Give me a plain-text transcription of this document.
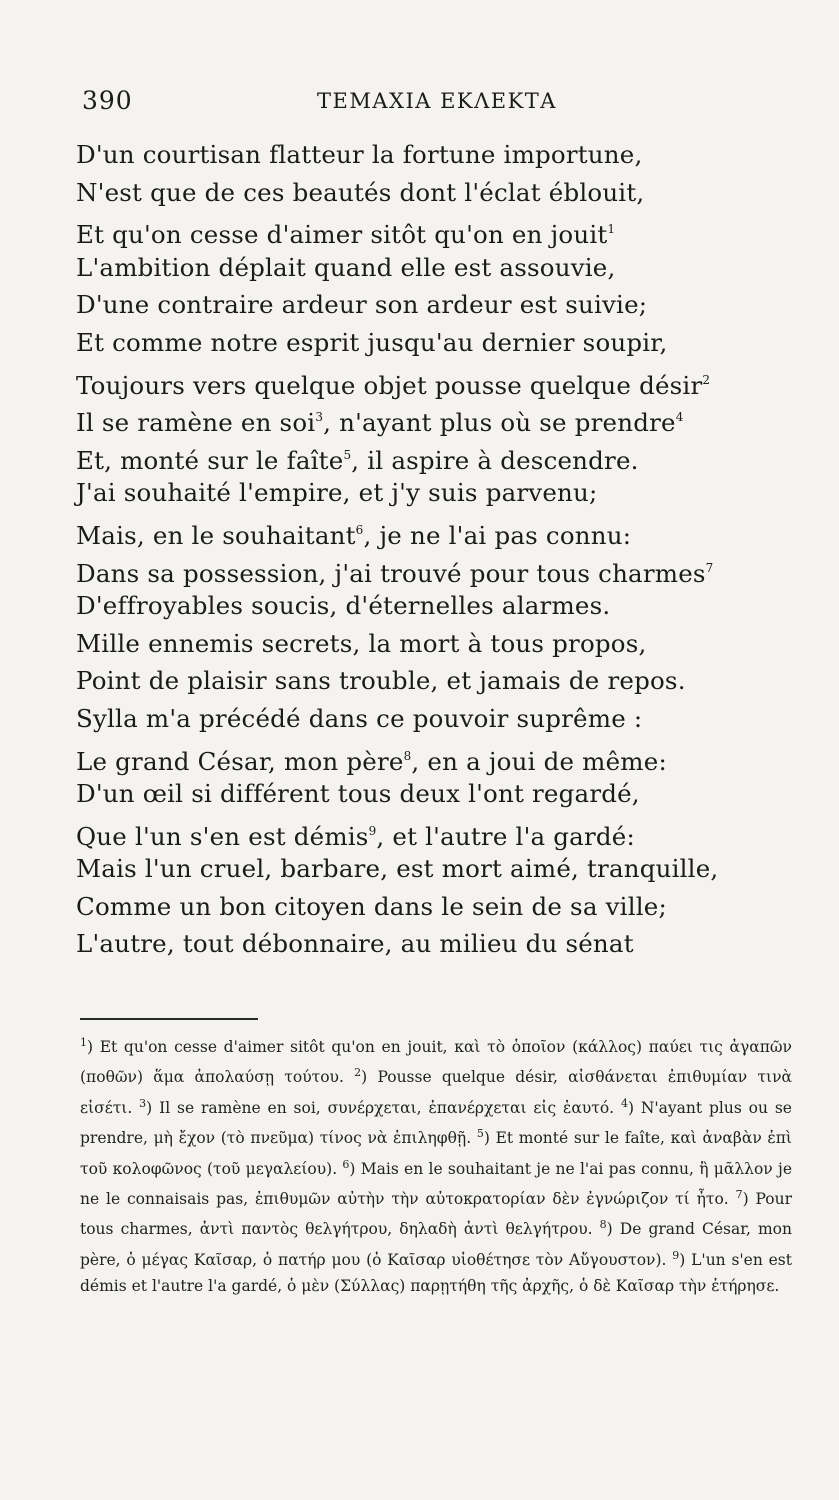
390	ΤΕΜΑΧΙΑ ΕΚΛΕΚΤΑ
D'un courtisan flatteur la fortune importune,
N'est que de ces beautés dont l'éclat éblouit,
Et qu'on cesse d'aimer sitôt qu'on en jouit$^1$
L'ambition déplait quand elle est assouvie,
D'une contraire ardeur son ardeur est suivie;
Et comme notre esprit jusqu'au dernier soupir,
Toujours vers quelque objet pousse quelque désir$^2$
Il se ramène en soi$^3$, n'ayant plus où se prendre$^4$
Et, monté sur le faîte$^5$, il aspire à descendre.
J'ai souhaité l'empire, et j'y suis parvenu;
Mais, en le souhaitant$^6$, je ne l'ai pas connu:
Dans sa possession, j'ai trouvé pour tous charmes$^7$
D'effroyables soucis, d'éternelles alarmes.
Mille ennemis secrets, la mort à tous propos,
Point de plaisir sans trouble, et jamais de repos.
Sylla m'a précédé dans ce pouvoir suprême :
Le grand César, mon père$^8$, en a joui de même:
D'un œil si différent tous deux l'ont regardé,
Que l'un s'en est démis$^9$, et l'autre l'a gardé:
Mais l'un cruel, barbare, est mort aimé, tranquille,
Comme un bon citoyen dans le sein de sa ville;
L'autre, tout débonnaire, au milieu du sénat

$^1$) Et qu'on cesse d'aimer sitôt qu'on en jouit, καὶ τὸ ὁποῖον (κάλλος) παύει τις ἀγαπῶν (ποθῶν) ἅμα ἀπολαύσῃ τούτου. $^2$) Pousse quelque désir, αἰσθάνεται ἐπιθυμίαν τινὰ εἰσέτι. $^3$) Il se ramène en soi, συνέρχεται, ἐπανέρχεται εἰς ἑαυτό. $^4$) N'ayant plus ou se prendre, μὴ ἔχον (τὸ πνεῦμα) τίνος νὰ ἐπιληφθῇ. $^5$) Et monté sur le faîte, καὶ ἀναβὰν ἐπὶ τοῦ κολοφῶνος (τοῦ μεγαλείου). $^6$) Mais en le souhaitant je ne l'ai pas connu, ἢ μᾶλλον je ne le connaisais pas, ἐπιθυμῶν αὐτὴν τὴν αὐτοκρατορίαν δὲν ἐγνώριζον τί ἦτο. $^7$) Pour tous charmes, ἀντὶ παντὸς θελγήτρου, δηλαδὴ ἀντὶ θελγήτρου. $^8$) De grand César, mon père, ὁ μέγας Καῖσαρ, ὁ πατήρ μου (ὁ Καῖσαρ υἱοθέτησε τὸν Αὔγουστον). $^9$) L'un s'en est démis et l'autre l'a gardé, ὁ μὲν (Σύλλας) παρῃτήθη τῆς ἀρχῆς, ὁ δὲ Καῖσαρ τὴν ἐτήρησε.
